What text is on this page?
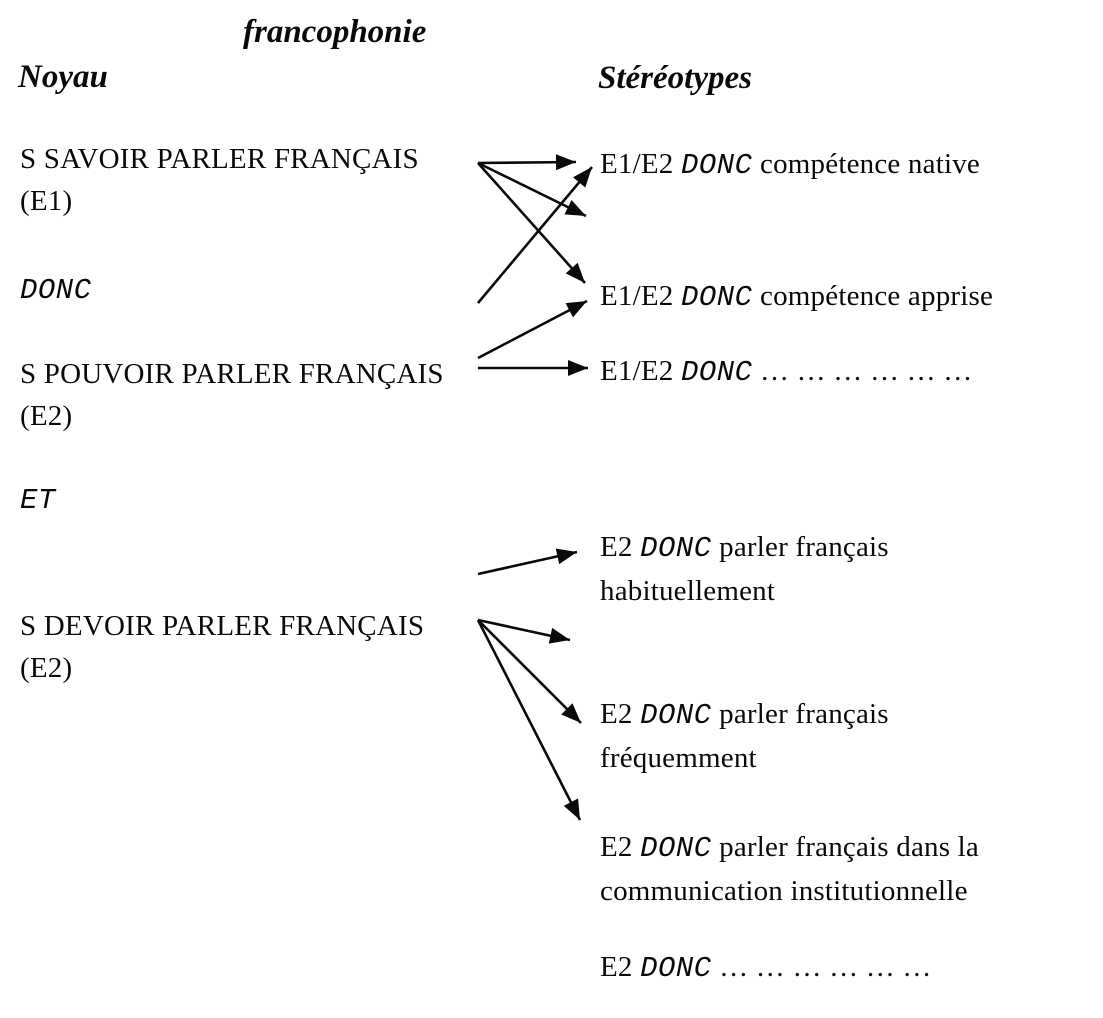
francophonie
Noyau	Stéréotypes
S SAVOIR PARLER FRANÇAIS
(E1)
DONC
S POUVOIR PARLER FRANÇAIS
(E2)
ET
S DEVOIR PARLER FRANÇAIS
(E2)
E1/E2 DONC compétence native
E1/E2 DONC compétence apprise
E1/E2 DONC … … … … … …
E2 DONC parler français
habituellement
E2 DONC parler français
fréquemment
E2 DONC parler français dans la
communication institutionnelle
E2 DONC … … … … … …
